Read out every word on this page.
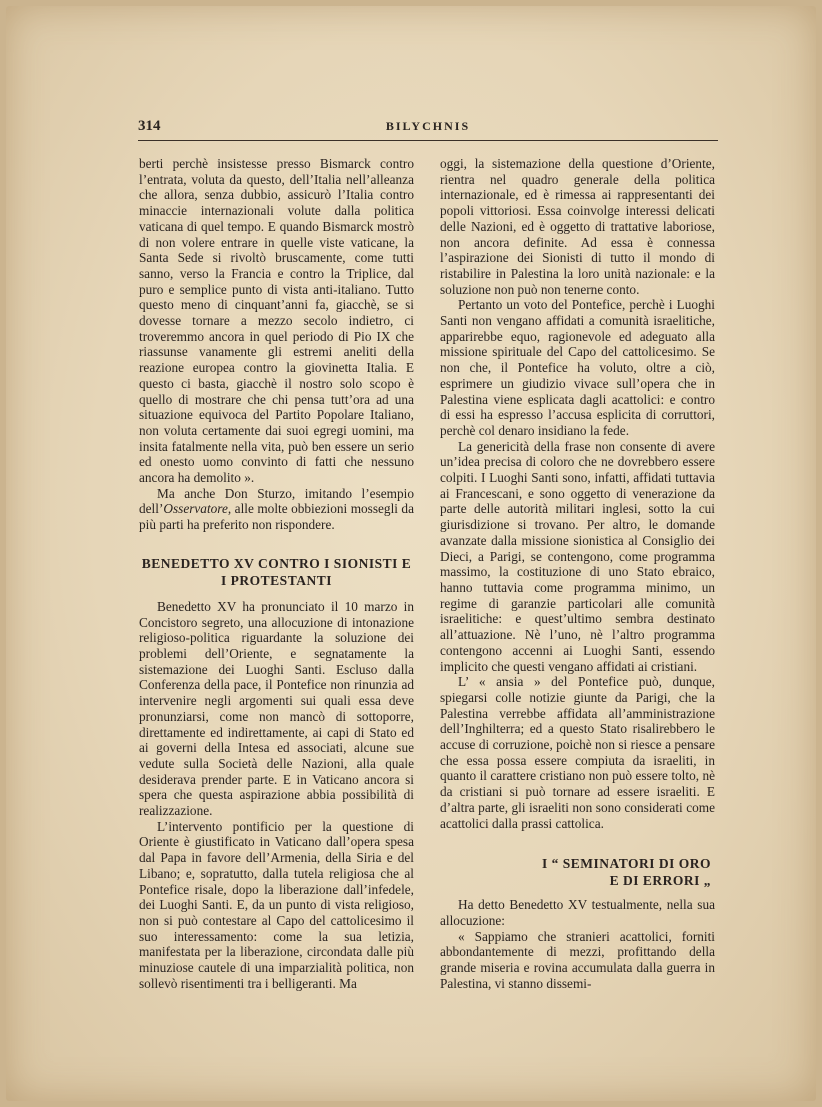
314	BILYCHNIS

berti perchè insistesse presso Bismarck contro l’entrata, voluta da questo, dell’Italia nell’alleanza che allora, senza dubbio, assicurò l’Italia contro minaccie internazionali volute dalla politica vaticana di quel tempo. E quando Bismarck mostrò di non volere entrare in quelle viste vaticane, la Santa Sede si rivoltò bruscamente, come tutti sanno, verso la Francia e contro la Triplice, dal puro e semplice punto di vista anti-italiano. Tutto questo meno di cinquant’anni fa, giacchè, se si dovesse tornare a mezzo secolo indietro, ci troveremmo ancora in quel periodo di Pio IX che riassunse vanamente gli estremi aneliti della reazione europea contro la giovinetta Italia. E questo ci basta, giacchè il nostro solo scopo è quello di mostrare che chi pensa tutt’ora ad una situazione equivoca del Partito Popolare Italiano, non voluta certamente dai suoi egregi uomini, ma insita fatalmente nella vita, può ben essere un serio ed onesto uomo convinto di fatti che nessuno ancora ha demolito ».

Ma anche Don Sturzo, imitando l’esempio dell’Osservatore, alle molte obbiezioni mossegli da più parti ha preferito non rispondere.

BENEDETTO XV CONTRO I SIONISTI E I PROTESTANTI

Benedetto XV ha pronunciato il 10 marzo in Concistoro segreto, una allocuzione di intonazione religioso-politica riguardante la soluzione dei problemi dell’Oriente, e segnatamente la sistemazione dei Luoghi Santi. Escluso dalla Conferenza della pace, il Pontefice non rinunzia ad intervenire negli argomenti sui quali essa deve pronunziarsi, come non mancò di sottoporre, direttamente ed indirettamente, ai capi di Stato ed ai governi della Intesa ed associati, alcune sue vedute sulla Società delle Nazioni, alla quale desiderava prender parte. E in Vaticano ancora si spera che questa aspirazione abbia possibilità di realizzazione.

L’intervento pontificio per la questione di Oriente è giustificato in Vaticano dall’opera spesa dal Papa in favore dell’Armenia, della Siria e del Libano; e, sopratutto, dalla tutela religiosa che al Pontefice risale, dopo la liberazione dall’infedele, dei Luoghi Santi. E, da un punto di vista religioso, non si può contestare al Capo del cattolicesimo il suo interessamento: come la sua letizia, manifestata per la liberazione, circondata dalle più minuziose cautele di una imparzialità politica, non sollevò risentimenti tra i belligeranti. Ma

oggi, la sistemazione della questione d’Oriente, rientra nel quadro generale della politica internazionale, ed è rimessa ai rappresentanti dei popoli vittoriosi. Essa coinvolge interessi delicati delle Nazioni, ed è oggetto di trattative laboriose, non ancora definite. Ad essa è connessa l’aspirazione dei Sionisti di tutto il mondo di ristabilire in Palestina la loro unità nazionale: e la soluzione non può non tenerne conto.

Pertanto un voto del Pontefice, perchè i Luoghi Santi non vengano affidati a comunità israelitiche, apparirebbe equo, ragionevole ed adeguato alla missione spirituale del Capo del cattolicesimo. Se non che, il Pontefice ha voluto, oltre a ciò, esprimere un giudizio vivace sull’opera che in Palestina viene esplicata dagli acattolici: e contro di essi ha espresso l’accusa esplicita di corruttori, perchè col denaro insidiano la fede.

La genericità della frase non consente di avere un’idea precisa di coloro che ne dovrebbero essere colpiti. I Luoghi Santi sono, infatti, affidati tuttavia ai Francescani, e sono oggetto di venerazione da parte delle autorità militari inglesi, sotto la cui giurisdizione si trovano. Per altro, le domande avanzate dalla missione sionistica al Consiglio dei Dieci, a Parigi, se contengono, come programma massimo, la costituzione di uno Stato ebraico, hanno tuttavia come programma minimo, un regime di garanzie particolari alle comunità israelitiche: e quest’ultimo sembra destinato all’attuazione. Nè l’uno, nè l’altro programma contengono accenni ai Luoghi Santi, essendo implicito che questi vengano affidati ai cristiani.

L’ « ansia » del Pontefice può, dunque, spiegarsi colle notizie giunte da Parigi, che la Palestina verrebbe affidata all’amministrazione dell’Inghilterra; ed a questo Stato risalirebbero le accuse di corruzione, poichè non si riesce a pensare che essa possa essere compiuta da israeliti, in quanto il carattere cristiano non può essere tolto, nè da cristiani si può tornare ad essere israeliti. E d’altra parte, gli israeliti non sono considerati come acattolici dalla prassi cattolica.

I “ SEMINATORI DI ORO
E DI ERRORI „

Ha detto Benedetto XV testualmente, nella sua allocuzione:

« Sappiamo che stranieri acattolici, forniti abbondantemente di mezzi, profittando della grande miseria e rovina accumulata dalla guerra in Palestina, vi stanno dissemi-
